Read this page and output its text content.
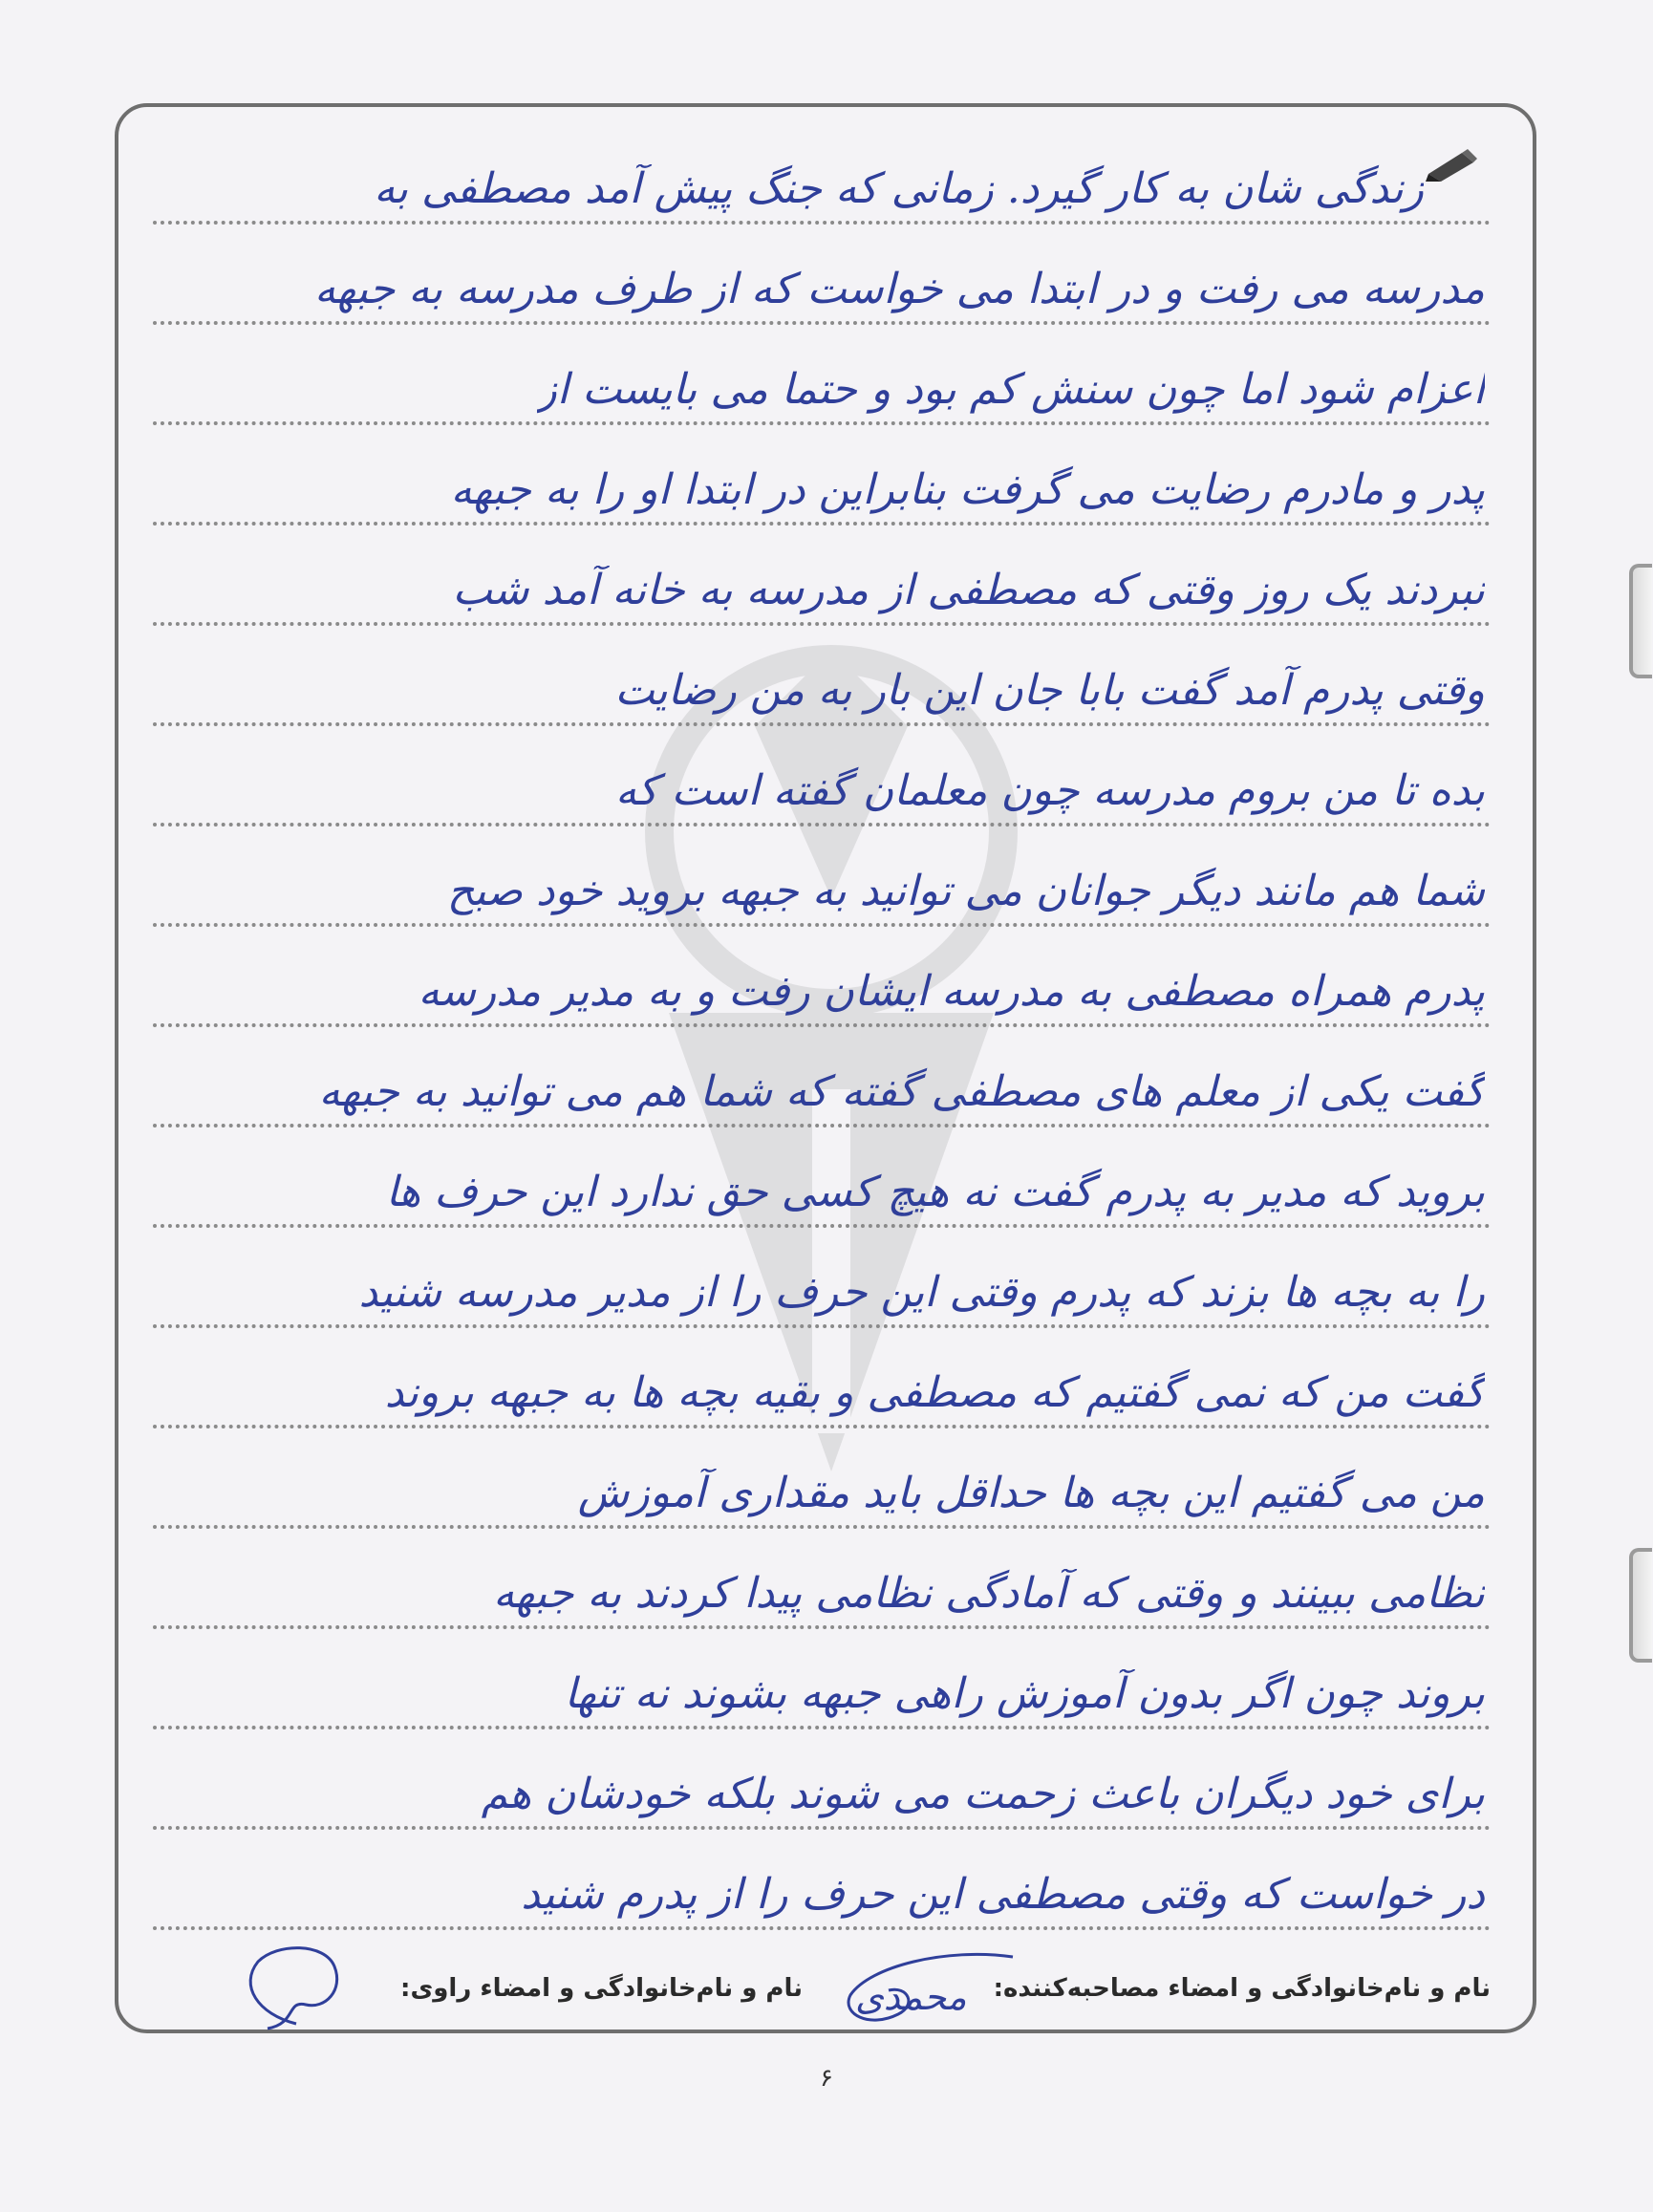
زندگی شان به کار گیرد. زمانی که جنگ پیش آمد مصطفی به
مدرسه می رفت و در ابتدا می خواست که از طرف مدرسه به جبهه
اعزام شود اما چون سنش کم بود و حتما می بایست از
پدر و مادرم رضایت می گرفت بنابراین در ابتدا او را به جبهه
نبردند یک روز وقتی که مصطفی از مدرسه به خانه آمد شب
وقتی پدرم آمد گفت بابا جان این بار به من رضایت
بده تا من بروم مدرسه چون معلمان گفته است که
شما هم مانند دیگر جوانان می توانید به جبهه بروید خود صبح
پدرم همراه مصطفی به مدرسه ایشان رفت و به مدیر مدرسه
گفت یکی از معلم های مصطفی گفته که شما هم می توانید به جبهه
بروید که مدیر به پدرم گفت نه هیچ کسی حق ندارد این حرف ها
را به بچه ها بزند که پدرم وقتی این حرف را از مدیر مدرسه شنید
گفت من که نمی گفتیم که مصطفی و بقیه بچه ها به جبهه بروند
من می گفتیم این بچه ها حداقل باید مقداری آموزش
نظامی ببینند و وقتی که آمادگی نظامی پیدا کردند به جبهه
بروند چون اگر بدون آموزش راهی جبهه بشوند نه تنها
برای خود دیگران باعث زحمت می شوند بلکه خودشان هم
در خواست که وقتی مصطفی این حرف را از پدرم شنید
نام و نام‌خانوادگی و امضاء مصاحبه‌کننده:
نام و نام‌خانوادگی و امضاء راوی: محمدی
۶
